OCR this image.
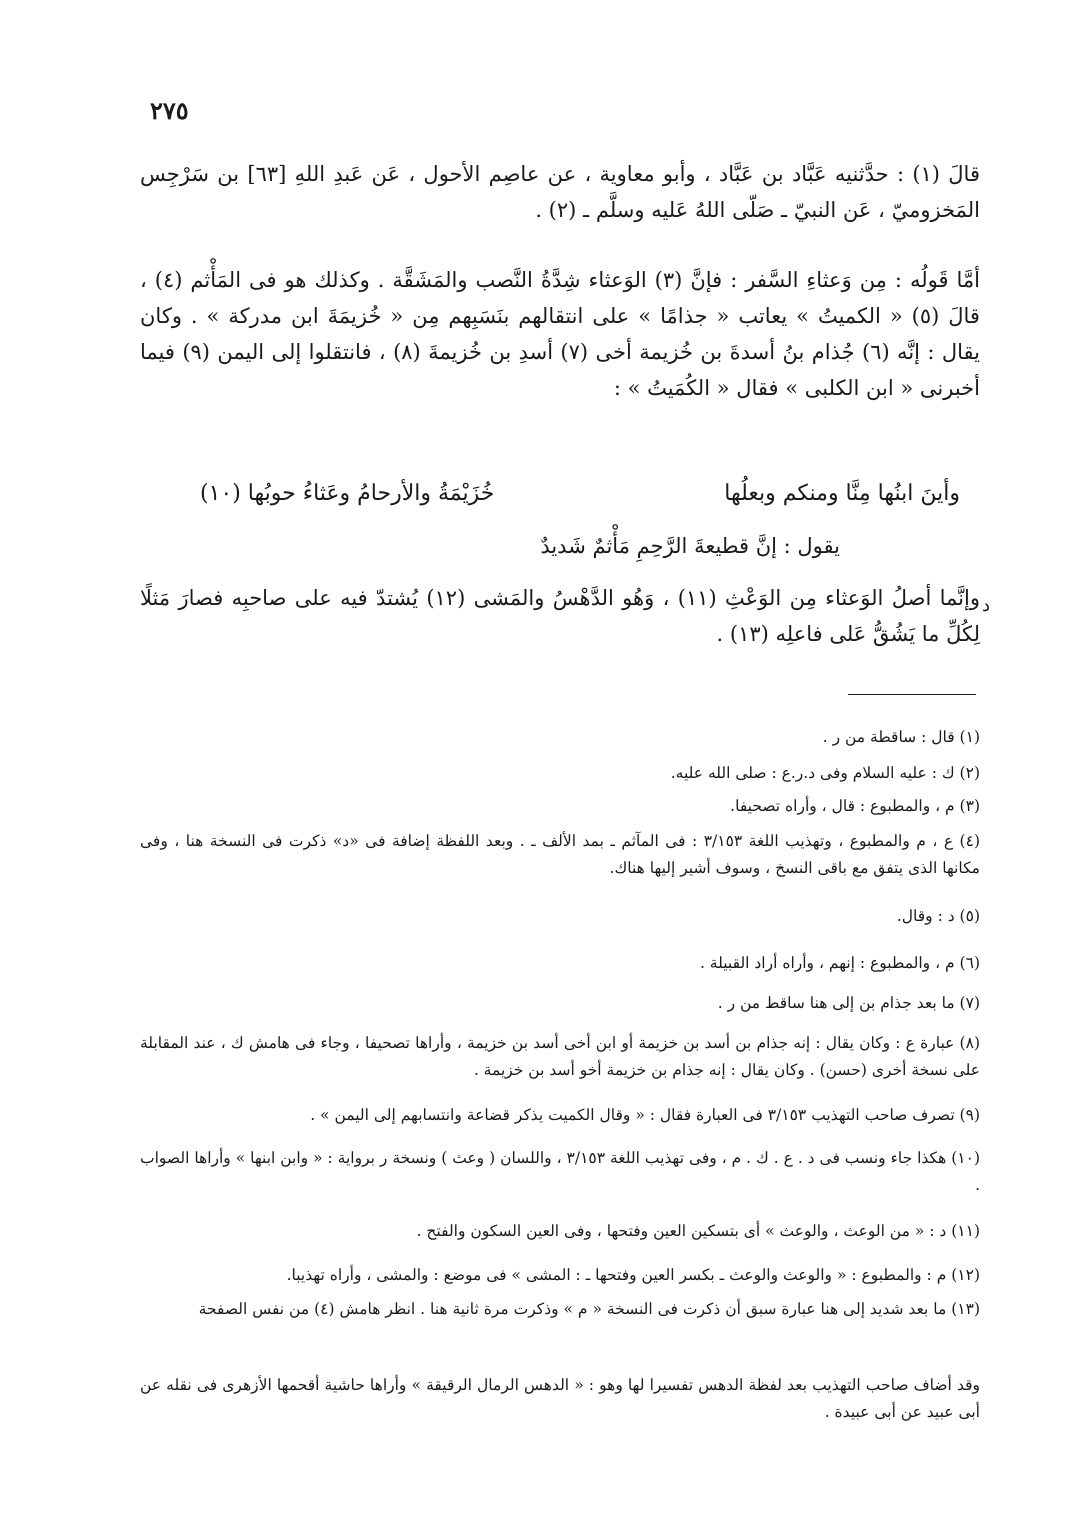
٢٧٥

قالَ (١) : حدَّثنيه عَبَّاد بن عَبَّاد ، وأبو معاوية ، عن عاصِم الأحول ، عَن عَبدِ اللهِ [٦٣] بن سَرْجِس المَخزوميّ ، عَن النبيّ ـ صَلّى اللهُ عَليه وسلَّم ـ (٢) .

أمَّا قَولُه : مِن وَعثاءِ السَّفر : فإنَّ (٣) الوَعثاء شِدَّةُ النَّصب والمَشَقَّة . وكذلك هو فى المَأْثم (٤) ، قالَ (٥) « الكميتُ » يعاتب « جذامًا » على انتقالهم بنَسَبِهم مِن « خُزيمَةَ ابن مدركة » . وكان يقال : إنَّه (٦) جُذام بنُ أسدةَ بن خُزيمة أخى (٧) أسدِ بن خُزيمةَ (٨) ، فانتقلوا إلى اليمن (٩) فيما أخبرنى « ابن الكلبى » فقال « الكُمَيتُ » :

وأينَ ابنُها مِنَّا ومنكم وبعلُها
خُزَيْمَةُ والأرحامُ وعَثاءُ حوبُها (١٠)

يقول : إنَّ قطيعةَ الرَّحِمِ مَأْثمٌ شَديدٌ

وإنَّما أصلُ الوَعثاء مِن الوَعْثِ (١١) ، وَهُو الدَّهْسُ والمَشى (١٢) يُشتدّ فيه على صاحبِه فصارَ مَثلًا لِكُلِّ ما يَشُقُّ عَلى فاعلِه (١٣) .

د

(١) قال : ساقطة من ر .

(٢) ك : عليه السلام وفى د.ر.ع : صلى الله عليه.

(٣) م ، والمطبوع : قال ، وأراه تصحيفا.

(٤) ع ، م والمطبوع ، وتهذيب اللغة ٣/١٥٣ : فى المآثم ـ بمد الألف ـ . وبعد اللفظة إضافة فى «د» ذكرت فى النسخة هنا ، وفى مكانها الذى يتفق مع باقى النسخ ، وسوف أشير إليها هناك.

(٥) د : وقال.

(٦) م ، والمطبوع : إنهم ، وأراه أراد القبيلة .

(٧) ما بعد جذام بن إلى هنا ساقط من ر .

(٨) عبارة ع : وكان يقال : إنه جذام بن أسد بن خزيمة أو ابن أخى أسد بن خزيمة ، وأراها تصحيفا ، وجاء فى هامش ك ، عند المقابلة على نسخة أخرى (حسن) . وكان يقال : إنه جذام بن خزيمة أخو أسد بن خزيمة .

(٩) تصرف صاحب التهذيب ٣/١٥٣ فى العبارة فقال : « وقال الكميت يذكر قضاعة وانتسابهم إلى اليمن » .

(١٠) هكذا جاء ونسب فى د . ع . ك . م ، وفى تهذيب اللغة ٣/١٥٣ ، واللسان ( وعث ) ونسخة ر برواية : « وابن ابنها » وأراها الصواب .

(١١) د : « من الوعث ، والوعث » أى بتسكين العين وفتحها ، وفى العين السكون والفتح .

(١٢) م : والمطبوع : « والوعث والوعث ـ بكسر العين وفتحها ـ : المشى » فى موضع : والمشى ، وأراه تهذيبا.

(١٣) ما بعد شديد إلى هنا عبارة سبق أن ذكرت فى النسخة « م » وذكرت مرة ثانية هنا . انظر هامش (٤) من نفس الصفحة

وقد أضاف صاحب التهذيب بعد لفظة الدهس تفسيرا لها وهو : « الدهس الرمال الرقيقة » وأراها حاشية أقحمها الأزهرى فى نقله عن أبى عبيد عن أبى عبيدة .
